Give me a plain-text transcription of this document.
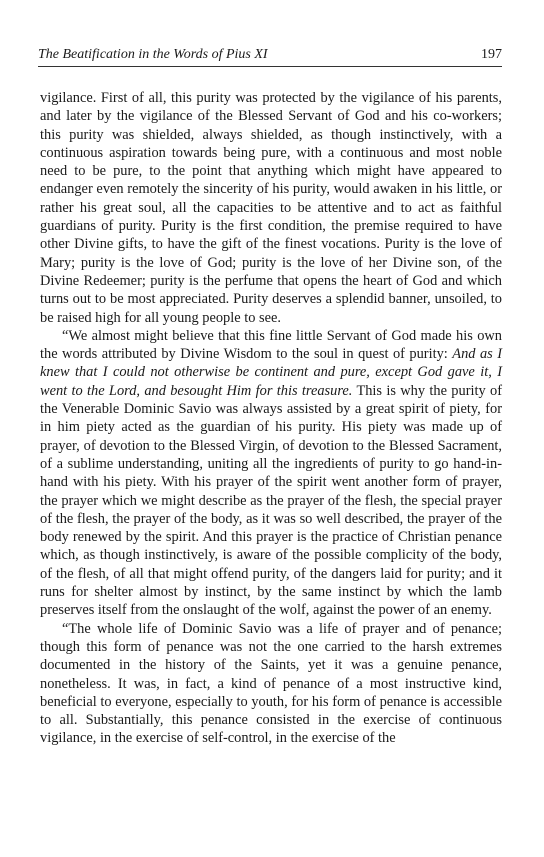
The Beatification in the Words of Pius XI	197

vigilance. First of all, this purity was protected by the vigilance of his parents, and later by the vigilance of the Blessed Servant of God and his co-workers; this purity was shielded, always shielded, as though instinctively, with a continuous aspiration towards being pure, with a continuous and most noble need to be pure, to the point that anything which might have appeared to endanger even remotely the sincerity of his purity, would awaken in his little, or rather his great soul, all the capacities to be attentive and to act as faithful guardians of purity. Purity is the first condition, the premise required to have other Divine gifts, to have the gift of the finest vocations. Purity is the love of Mary; purity is the love of God; purity is the love of her Divine son, of the Divine Redeemer; purity is the perfume that opens the heart of God and which turns out to be most appreciated. Purity deserves a splendid banner, unsoiled, to be raised high for all young people to see.

“We almost might believe that this fine little Servant of God made his own the words attributed by Divine Wisdom to the soul in quest of purity: And as I knew that I could not otherwise be continent and pure, except God gave it, I went to the Lord, and besought Him for this treasure. This is why the purity of the Venerable Dominic Savio was always assisted by a great spirit of piety, for in him piety acted as the guardian of his purity. His piety was made up of prayer, of devotion to the Blessed Virgin, of devotion to the Blessed Sacrament, of a sublime understanding, uniting all the ingredients of purity to go hand-in-hand with his piety. With his prayer of the spirit went another form of prayer, the prayer which we might describe as the prayer of the flesh, the special prayer of the flesh, the prayer of the body, as it was so well described, the prayer of the body renewed by the spirit. And this prayer is the practice of Christian penance which, as though instinctively, is aware of the possible complicity of the body, of the flesh, of all that might offend purity, of the dangers laid for purity; and it runs for shelter almost by instinct, by the same instinct by which the lamb preserves itself from the onslaught of the wolf, against the power of an enemy.

“The whole life of Dominic Savio was a life of prayer and of penance; though this form of penance was not the one carried to the harsh extremes documented in the history of the Saints, yet it was a genuine penance, nonetheless. It was, in fact, a kind of penance of a most instructive kind, beneficial to everyone, especially to youth, for his form of penance is accessible to all. Substantially, this penance consisted in the exercise of continuous vigilance, in the exercise of self-control, in the exercise of the
